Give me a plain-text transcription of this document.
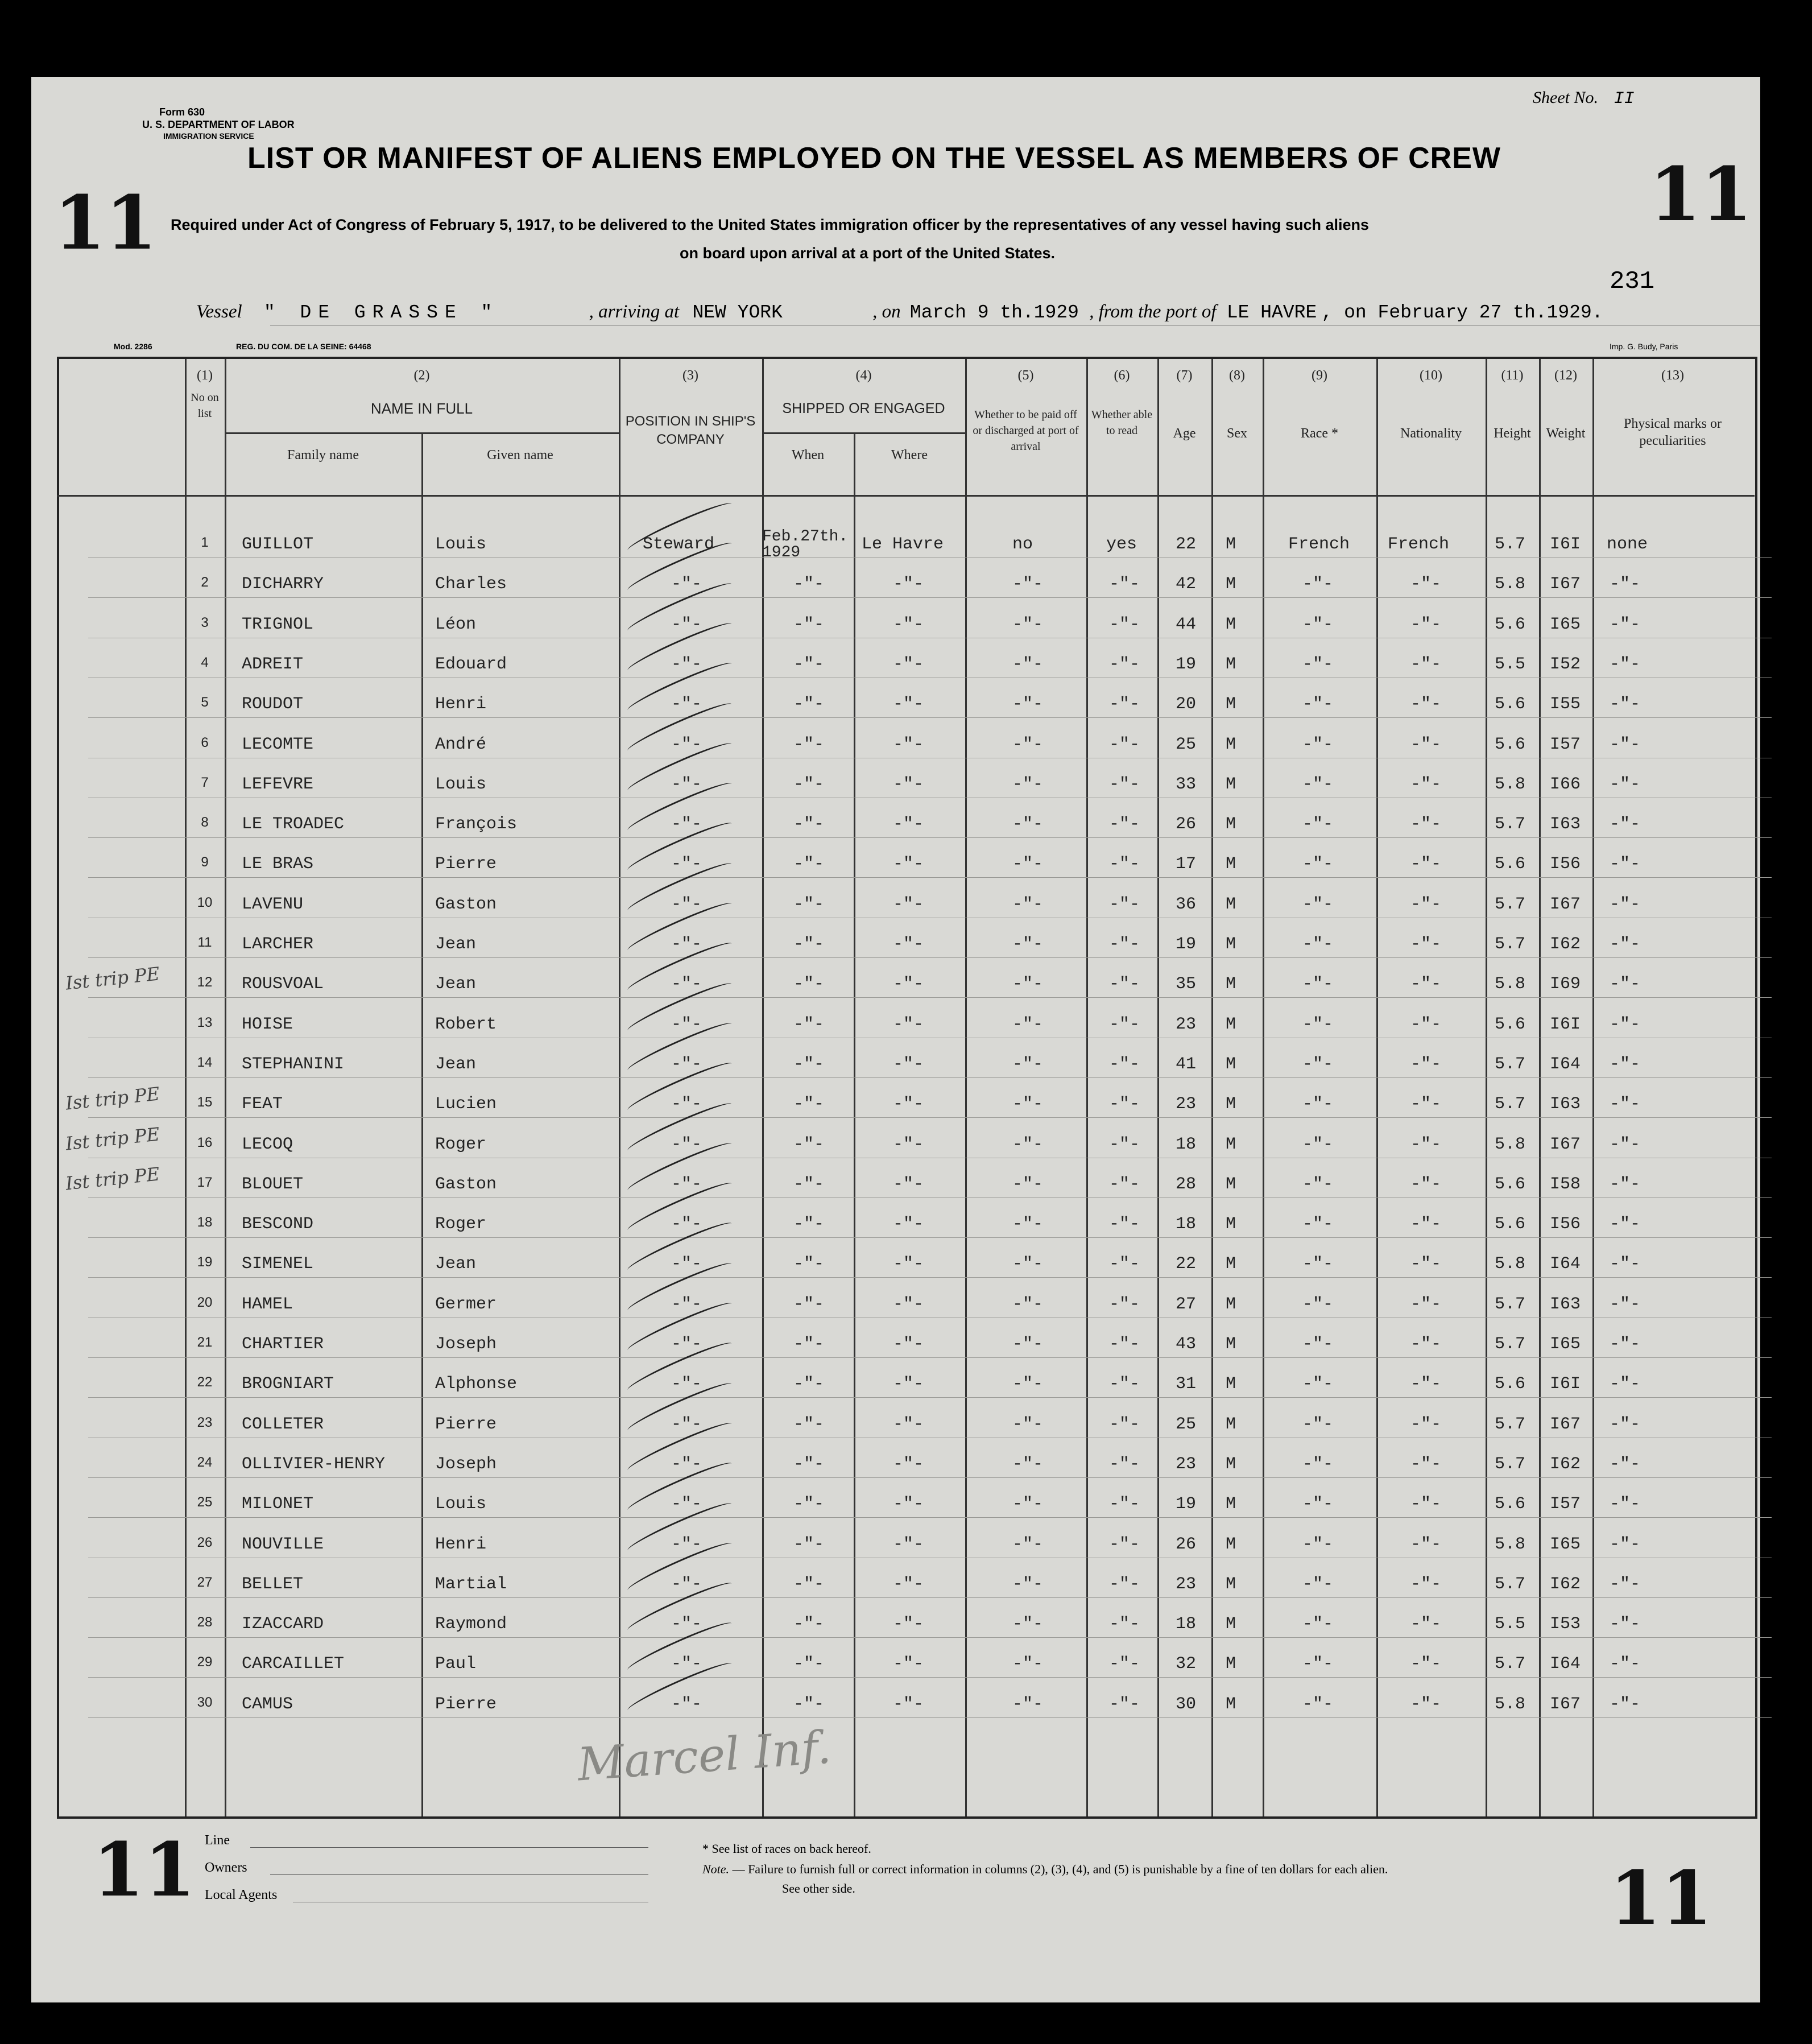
Form 630
U. S. DEPARTMENT OF LABOR
IMMIGRATION SERVICE
Sheet No. II
LIST OR MANIFEST OF ALIENS EMPLOYED ON THE VESSEL AS MEMBERS OF CREW
11	11
231
Required under Act of Congress of February 5, 1917, to be delivered to the United States immigration officer by the representatives of any vessel having such aliens
on board upon arrival at a port of the United States.
Vessel " DE GRASSE "	, arriving at NEW YORK	, on March 9 th.1929 , from the port of LE HAVRE , on February 27 th.1929.
Mod. 2286	REG. DU COM. DE LA SEINE: 64468	Imp. G. Budy, Paris
(1)
No on list
(2)
NAME IN FULL
Family name	Given name
(3)
POSITION IN SHIP'S COMPANY
(4)
SHIPPED OR ENGAGED
When	Where
(5)
Whether to be paid off or discharged at port of arrival
(6)
Whether able to read
(7)
Age
(8)
Sex
(9)
Race *
(10)
Nationality
(11)
Height
(12)
Weight
(13)
Physical marks or peculiarities
Marcel Inf.
Line
Owners
Local Agents
* See list of races on back hereof.
Note. — Failure to furnish full or correct information in columns (2), (3), (4), and (5) is punishable by a fine of ten dollars for each alien.
See other side.
11	11
1	GUILLOT	Louis	Steward	Feb.27th. 1929	Le Havre	no	yes	22	M	French French	5.7 I6I none
2	DICHARRY	Charles	-"-	-"-	-"-	-"-	-"-	42	M	-"-	-"-	5.8 I67 -"-
3	TRIGNOL	Léon	-"-	-"-	-"-	-"-	-"-	44	M	-"-	-"-	5.6 I65 -"-
4	ADREIT	Edouard	-"-	-"-	-"-	-"-	-"-	19	M	-"-	-"-	5.5 I52 -"-
5	ROUDOT	Henri	-"-	-"-	-"-	-"-	-"-	20	M	-"-	-"-	5.6 I55 -"-
6	LECOMTE	André	-"-	-"-	-"-	-"-	-"-	25	M	-"-	-"-	5.6 I57 -"-
7	LEFEVRE	Louis	-"-	-"-	-"-	-"-	-"-	33	M	-"-	-"-	5.8 I66 -"-
8	LE TROADEC	François	-"-	-"-	-"-	-"-	-"-	26	M	-"-	-"-	5.7 I63 -"-
9	LE BRAS	Pierre	-"-	-"-	-"-	-"-	-"-	17	M	-"-	-"-	5.6 I56 -"-
10	LAVENU	Gaston	-"-	-"-	-"-	-"-	-"-	36	M	-"-	-"-	5.7 I67 -"-
11	LARCHER	Jean	-"-	-"-	-"-	-"-	-"-	19	M	-"-	-"-	5.7 I62 -"-
Ist trip PE	12	ROUSVOAL	Jean	-"-	-"-	-"-	-"-	-"-	35	M	-"-	-"-	5.8 I69 -"-
13	HOISE	Robert	-"-	-"-	-"-	-"-	-"-	23	M	-"-	-"-	5.6 I6I -"-
14	STEPHANINI	Jean	-"-	-"-	-"-	-"-	-"-	41	M	-"-	-"-	5.7 I64 -"-
Ist trip PE	15	FEAT	Lucien	-"-	-"-	-"-	-"-	-"-	23	M	-"-	-"-	5.7 I63 -"-
Ist trip PE	16	LECOQ	Roger	-"-	-"-	-"-	-"-	-"-	18	M	-"-	-"-	5.8 I67 -"-
Ist trip PE	17	BLOUET	Gaston	-"-	-"-	-"-	-"-	-"-	28	M	-"-	-"-	5.6 I58 -"-
18	BESCOND	Roger	-"-	-"-	-"-	-"-	-"-	18	M	-"-	-"-	5.6 I56 -"-
19	SIMENEL	Jean	-"-	-"-	-"-	-"-	-"-	22	M	-"-	-"-	5.8 I64 -"-
20	HAMEL	Germer	-"-	-"-	-"-	-"-	-"-	27	M	-"-	-"-	5.7 I63 -"-
21	CHARTIER	Joseph	-"-	-"-	-"-	-"-	-"-	43	M	-"-	-"-	5.7 I65 -"-
22	BROGNIART	Alphonse	-"-	-"-	-"-	-"-	-"-	31	M	-"-	-"-	5.6 I6I -"-
23	COLLETER	Pierre	-"-	-"-	-"-	-"-	-"-	25	M	-"-	-"-	5.7 I67 -"-
24	OLLIVIER-HENRY	Joseph	-"-	-"-	-"-	-"-	-"-	23	M	-"-	-"-	5.7 I62 -"-
25	MILONET	Louis	-"-	-"-	-"-	-"-	-"-	19	M	-"-	-"-	5.6 I57 -"-
26	NOUVILLE	Henri	-"-	-"-	-"-	-"-	-"-	26	M	-"-	-"-	5.8 I65 -"-
27	BELLET	Martial	-"-	-"-	-"-	-"-	-"-	23	M	-"-	-"-	5.7 I62 -"-
28	IZACCARD	Raymond	-"-	-"-	-"-	-"-	-"-	18	M	-"-	-"-	5.5 I53 -"-
29	CARCAILLET	Paul	-"-	-"-	-"-	-"-	-"-	32	M	-"-	-"-	5.7 I64 -"-
30	CAMUS	Pierre	-"-	-"-	-"-	-"-	-"-	30	M	-"-	-"-	5.8 I67 -"-
